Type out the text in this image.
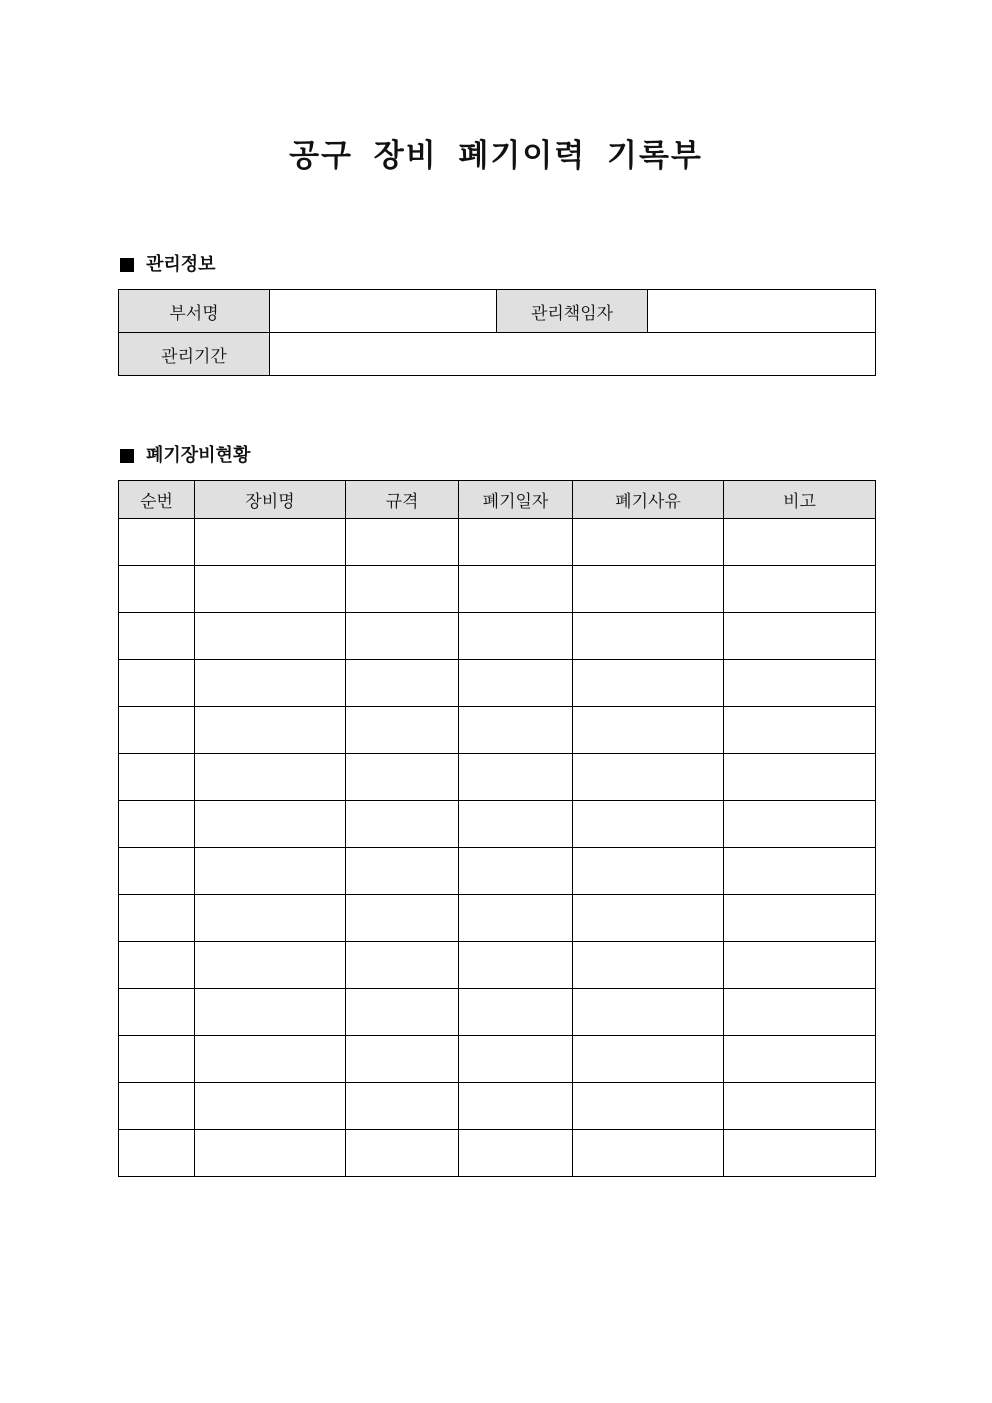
공구 장비 폐기이력 기록부
관리정보
부서명		관리책임자	
관리기간			
폐기장비현황
순번	장비명	규격	폐기일자	폐기사유	비고
